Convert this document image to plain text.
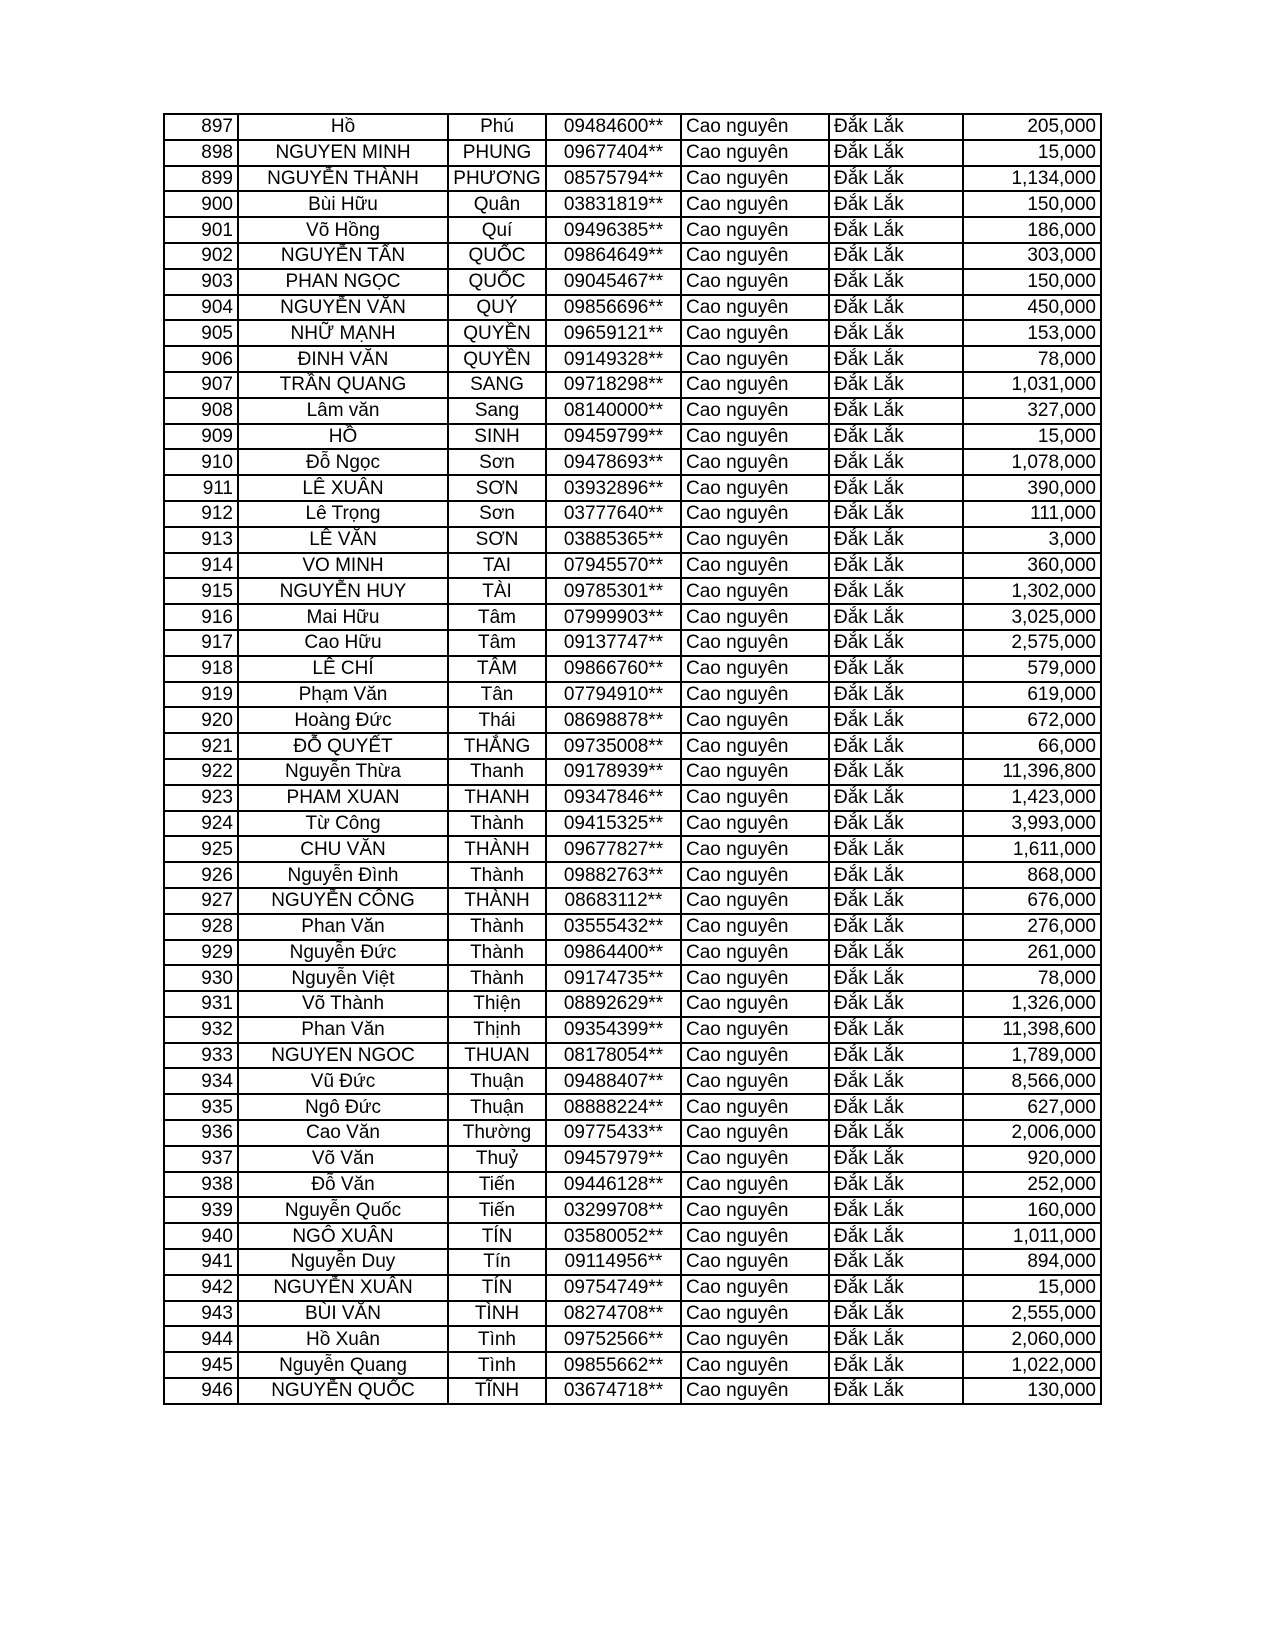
897	Hồ	Phú	09484600**	Cao nguyên	Đắk Lắk	205,000
898	NGUYEN MINH	PHUNG	09677404**	Cao nguyên	Đắk Lắk	15,000
899	NGUYỄN THÀNH	PHƯƠNG	08575794**	Cao nguyên	Đắk Lắk	1,134,000
900	Bùi Hữu	Quân	03831819**	Cao nguyên	Đắk Lắk	150,000
901	Võ Hồng	Quí	09496385**	Cao nguyên	Đắk Lắk	186,000
902	NGUYỄN TẤN	QUỐC	09864649**	Cao nguyên	Đắk Lắk	303,000
903	PHAN NGỌC	QUỐC	09045467**	Cao nguyên	Đắk Lắk	150,000
904	NGUYỄN VĂN	QUÝ	09856696**	Cao nguyên	Đắk Lắk	450,000
905	NHỮ MẠNH	QUYỀN	09659121**	Cao nguyên	Đắk Lắk	153,000
906	ĐINH VĂN	QUYỀN	09149328**	Cao nguyên	Đắk Lắk	78,000
907	TRẦN QUANG	SANG	09718298**	Cao nguyên	Đắk Lắk	1,031,000
908	Lâm văn	Sang	08140000**	Cao nguyên	Đắk Lắk	327,000
909	HỒ	SINH	09459799**	Cao nguyên	Đắk Lắk	15,000
910	Đỗ Ngọc	Sơn	09478693**	Cao nguyên	Đắk Lắk	1,078,000
911	LÊ XUÂN	SƠN	03932896**	Cao nguyên	Đắk Lắk	390,000
912	Lê Trọng	Sơn	03777640**	Cao nguyên	Đắk Lắk	111,000
913	LÊ VĂN	SƠN	03885365**	Cao nguyên	Đắk Lắk	3,000
914	VO MINH	TAI	07945570**	Cao nguyên	Đắk Lắk	360,000
915	NGUYỄN HUY	TÀI	09785301**	Cao nguyên	Đắk Lắk	1,302,000
916	Mai Hữu	Tâm	07999903**	Cao nguyên	Đắk Lắk	3,025,000
917	Cao Hữu	Tâm	09137747**	Cao nguyên	Đắk Lắk	2,575,000
918	LÊ CHÍ	TÂM	09866760**	Cao nguyên	Đắk Lắk	579,000
919	Phạm Văn	Tân	07794910**	Cao nguyên	Đắk Lắk	619,000
920	Hoàng Đức	Thái	08698878**	Cao nguyên	Đắk Lắk	672,000
921	ĐỖ QUYẾT	THẮNG	09735008**	Cao nguyên	Đắk Lắk	66,000
922	Nguyễn Thừa	Thanh	09178939**	Cao nguyên	Đắk Lắk	11,396,800
923	PHAM XUAN	THANH	09347846**	Cao nguyên	Đắk Lắk	1,423,000
924	Từ Công	Thành	09415325**	Cao nguyên	Đắk Lắk	3,993,000
925	CHU VĂN	THÀNH	09677827**	Cao nguyên	Đắk Lắk	1,611,000
926	Nguyễn Đình	Thành	09882763**	Cao nguyên	Đắk Lắk	868,000
927	NGUYỄN CÔNG	THÀNH	08683112**	Cao nguyên	Đắk Lắk	676,000
928	Phan Văn	Thành	03555432**	Cao nguyên	Đắk Lắk	276,000
929	Nguyễn Đức	Thành	09864400**	Cao nguyên	Đắk Lắk	261,000
930	Nguyễn Việt	Thành	09174735**	Cao nguyên	Đắk Lắk	78,000
931	Võ Thành	Thiện	08892629**	Cao nguyên	Đắk Lắk	1,326,000
932	Phan Văn	Thịnh	09354399**	Cao nguyên	Đắk Lắk	11,398,600
933	NGUYEN NGOC	THUAN	08178054**	Cao nguyên	Đắk Lắk	1,789,000
934	Vũ Đức	Thuận	09488407**	Cao nguyên	Đắk Lắk	8,566,000
935	Ngô Đức	Thuận	08888224**	Cao nguyên	Đắk Lắk	627,000
936	Cao Văn	Thường	09775433**	Cao nguyên	Đắk Lắk	2,006,000
937	Võ Văn	Thuỷ	09457979**	Cao nguyên	Đắk Lắk	920,000
938	Đỗ Văn	Tiến	09446128**	Cao nguyên	Đắk Lắk	252,000
939	Nguyễn Quốc	Tiến	03299708**	Cao nguyên	Đắk Lắk	160,000
940	NGÔ XUÂN	TÍN	03580052**	Cao nguyên	Đắk Lắk	1,011,000
941	Nguyễn Duy	Tín	09114956**	Cao nguyên	Đắk Lắk	894,000
942	NGUYỄN XUÂN	TÍN	09754749**	Cao nguyên	Đắk Lắk	15,000
943	BÙI VĂN	TÌNH	08274708**	Cao nguyên	Đắk Lắk	2,555,000
944	Hồ Xuân	Tình	09752566**	Cao nguyên	Đắk Lắk	2,060,000
945	Nguyễn Quang	Tình	09855662**	Cao nguyên	Đắk Lắk	1,022,000
946	NGUYỄN QUỐC	TĨNH	03674718**	Cao nguyên	Đắk Lắk	130,000
